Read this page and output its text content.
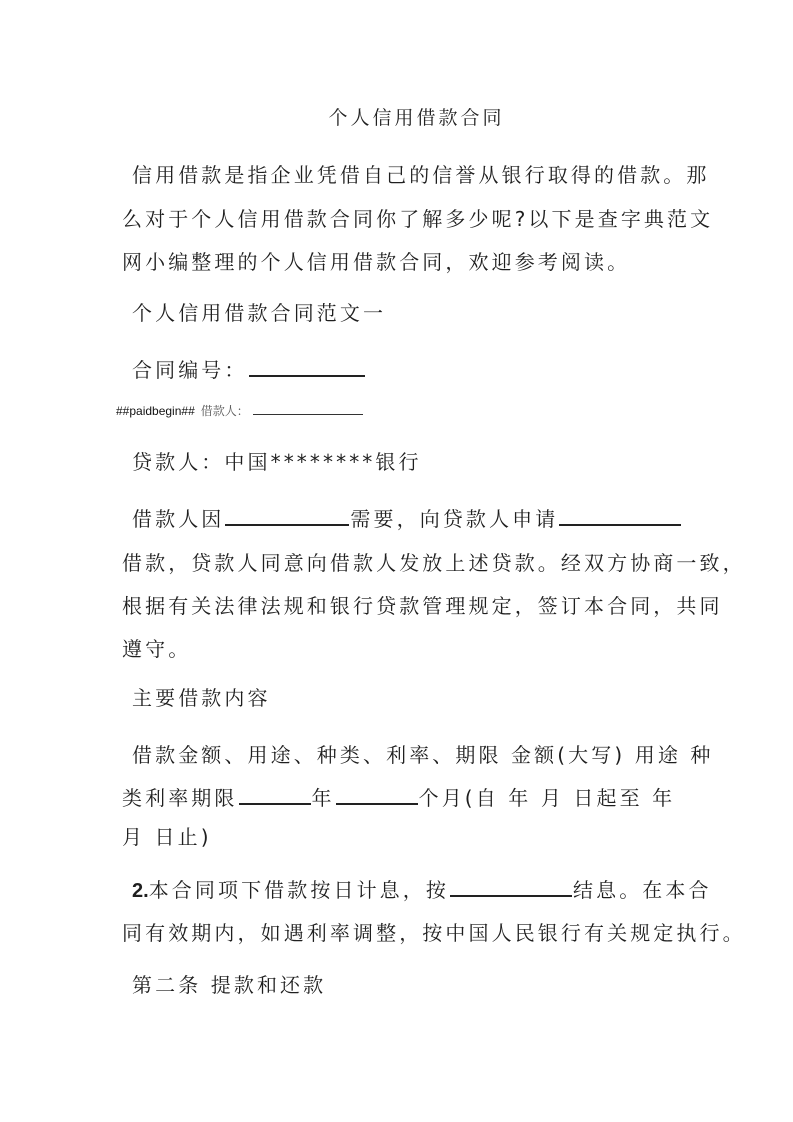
个人信用借款合同
信用借款是指企业凭借自己的信誉从银行取得的借款。那
么对于个人信用借款合同你了解多少呢?以下是查字典范文
网小编整理的个人信用借款合同，欢迎参考阅读。
个人信用借款合同范文一
合同编号：
##paidbegin## 借款人：
贷款人：中国********银行
借款人因	需要，向贷款人申请
借款，贷款人同意向借款人发放上述贷款。经双方协商一致，
根据有关法律法规和银行贷款管理规定，签订本合同，共同
遵守。
主要借款内容
借款金额、用途、种类、利率、期限 金额(大写) 用途 种
类利率期限	年	个月(自 年 月 日起至 年
月 日止)
2.本合同项下借款按日计息，按	结息。在本合
同有效期内，如遇利率调整，按中国人民银行有关规定执行。
第二条 提款和还款
